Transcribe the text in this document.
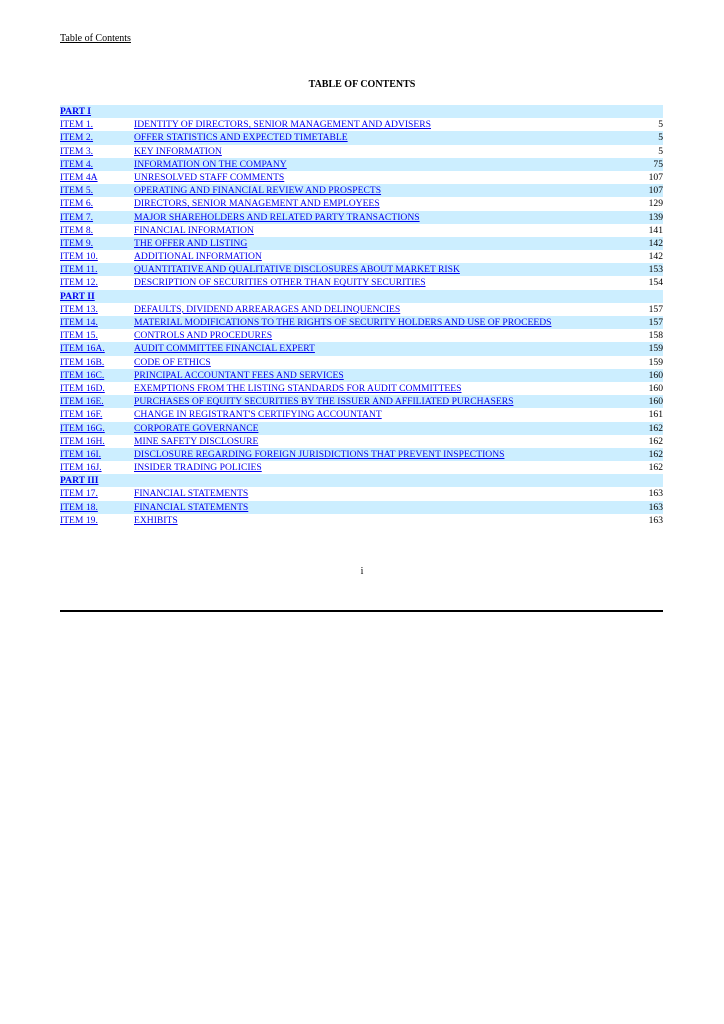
Table of Contents
TABLE OF CONTENTS
PART I
ITEM 1.	IDENTITY OF DIRECTORS, SENIOR MANAGEMENT AND ADVISERS	5
ITEM 2.	OFFER STATISTICS AND EXPECTED TIMETABLE	5
ITEM 3.	KEY INFORMATION	5
ITEM 4.	INFORMATION ON THE COMPANY	75
ITEM 4A	UNRESOLVED STAFF COMMENTS	107
ITEM 5.	OPERATING AND FINANCIAL REVIEW AND PROSPECTS	107
ITEM 6.	DIRECTORS, SENIOR MANAGEMENT AND EMPLOYEES	129
ITEM 7.	MAJOR SHAREHOLDERS AND RELATED PARTY TRANSACTIONS	139
ITEM 8.	FINANCIAL INFORMATION	141
ITEM 9.	THE OFFER AND LISTING	142
ITEM 10.	ADDITIONAL INFORMATION	142
ITEM 11.	QUANTITATIVE AND QUALITATIVE DISCLOSURES ABOUT MARKET RISK	153
ITEM 12.	DESCRIPTION OF SECURITIES OTHER THAN EQUITY SECURITIES	154
PART II
ITEM 13.	DEFAULTS, DIVIDEND ARREARAGES AND DELINQUENCIES	157
ITEM 14.	MATERIAL MODIFICATIONS TO THE RIGHTS OF SECURITY HOLDERS AND USE OF PROCEEDS	157
ITEM 15.	CONTROLS AND PROCEDURES	158
ITEM 16A.	AUDIT COMMITTEE FINANCIAL EXPERT	159
ITEM 16B.	CODE OF ETHICS	159
ITEM 16C.	PRINCIPAL ACCOUNTANT FEES AND SERVICES	160
ITEM 16D.	EXEMPTIONS FROM THE LISTING STANDARDS FOR AUDIT COMMITTEES	160
ITEM 16E.	PURCHASES OF EQUITY SECURITIES BY THE ISSUER AND AFFILIATED PURCHASERS	160
ITEM 16F.	CHANGE IN REGISTRANT'S CERTIFYING ACCOUNTANT	161
ITEM 16G.	CORPORATE GOVERNANCE	162
ITEM 16H.	MINE SAFETY DISCLOSURE	162
ITEM 16I.	DISCLOSURE REGARDING FOREIGN JURISDICTIONS THAT PREVENT INSPECTIONS	162
ITEM 16J.	INSIDER TRADING POLICIES	162
PART III
ITEM 17.	FINANCIAL STATEMENTS	163
ITEM 18.	FINANCIAL STATEMENTS	163
ITEM 19.	EXHIBITS	163
i
